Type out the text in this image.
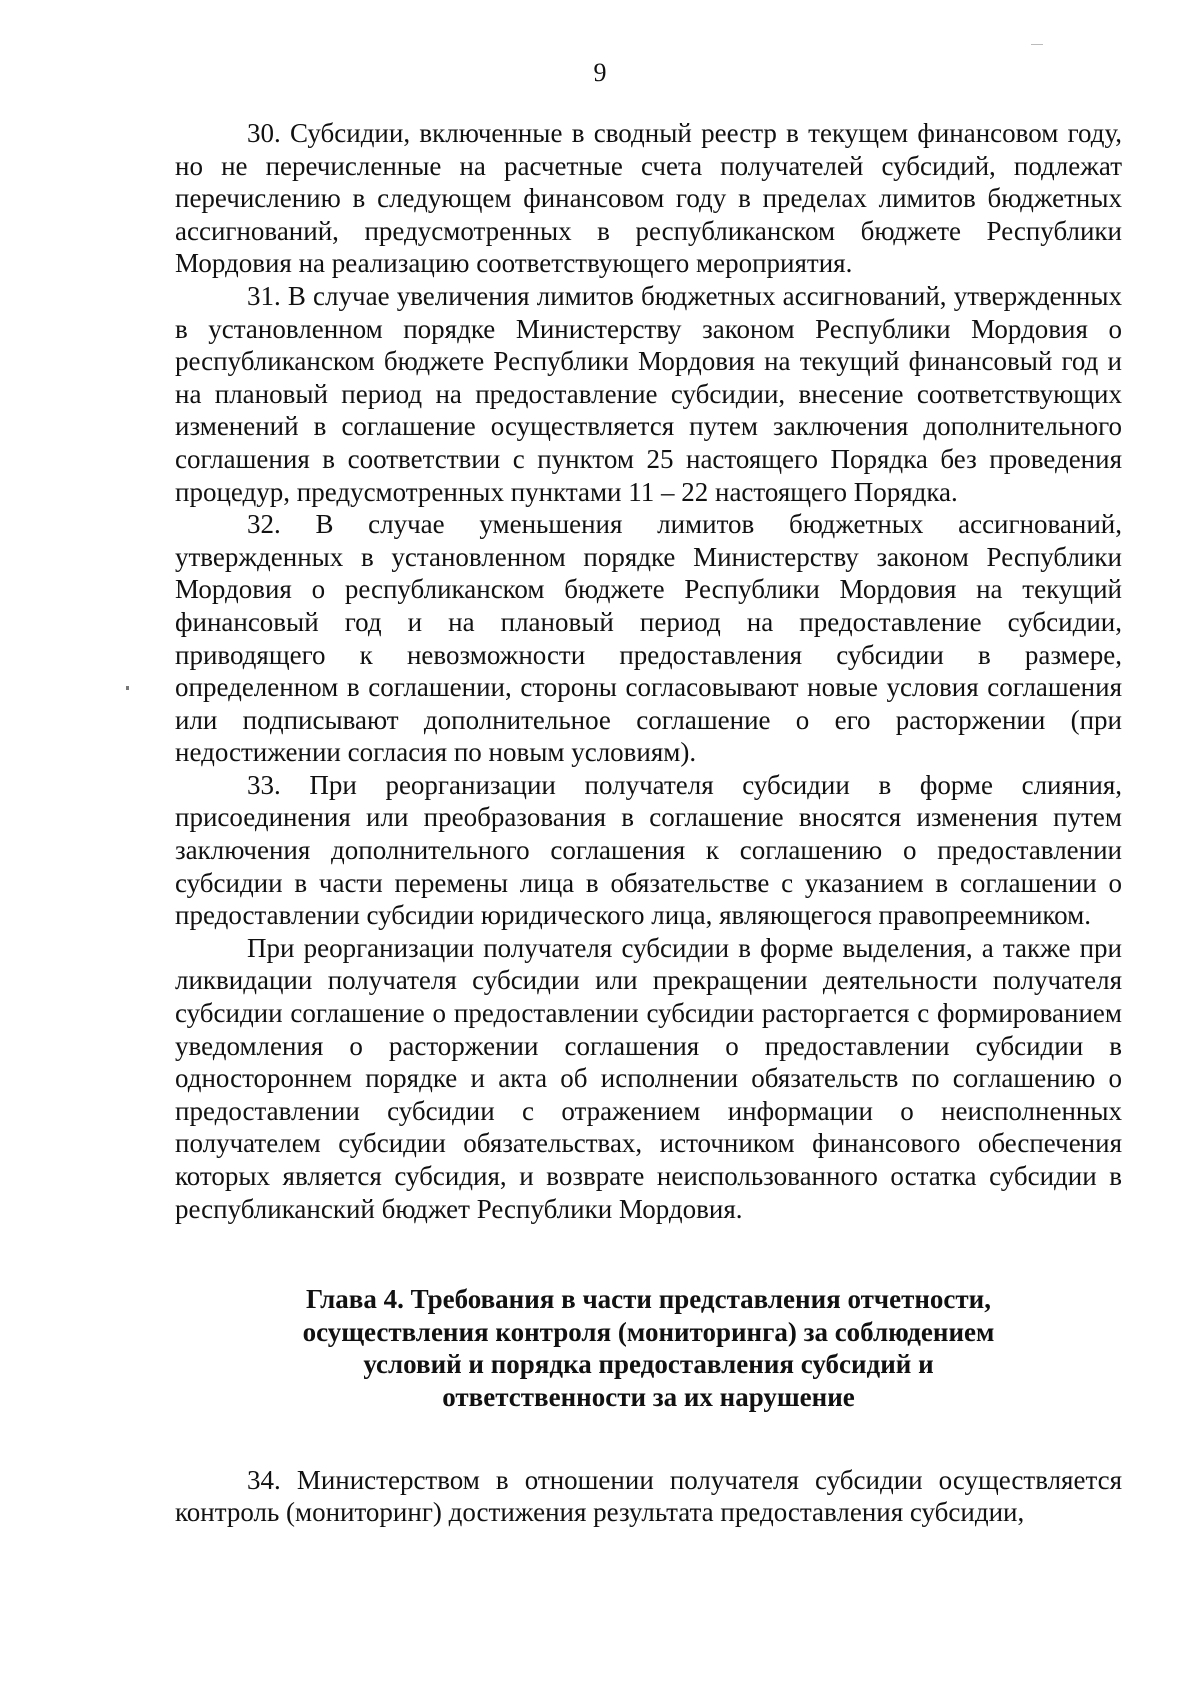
9

30. Субсидии, включенные в сводный реестр в текущем финансовом году, но не перечисленные на расчетные счета получателей субсидий, подлежат перечислению в следующем финансовом году в пределах лимитов бюджетных ассигнований, предусмотренных в республиканском бюджете Республики Мордовия на реализацию соответствующего мероприятия.

31. В случае увеличения лимитов бюджетных ассигнований, утвержденных в установленном порядке Министерству законом Республики Мордовия о республиканском бюджете Республики Мордовия на текущий финансовый год и на плановый период на предоставление субсидии, внесение соответствующих изменений в соглашение осуществляется путем заключения дополнительного соглашения в соответствии с пунктом 25 настоящего Порядка без проведения процедур, предусмотренных пунктами 11 – 22 настоящего Порядка.

32. В случае уменьшения лимитов бюджетных ассигнований, утвержденных в установленном порядке Министерству законом Республики Мордовия о республиканском бюджете Республики Мордовия на текущий финансовый год и на плановый период на предоставление субсидии, приводящего к невозможности предоставления субсидии в размере, определенном в соглашении, стороны согласовывают новые условия соглашения или подписывают дополнительное соглашение о его расторжении (при недостижении согласия по новым условиям).

33. При реорганизации получателя субсидии в форме слияния, присоединения или преобразования в соглашение вносятся изменения путем заключения дополнительного соглашения к соглашению о предоставлении субсидии в части перемены лица в обязательстве с указанием в соглашении о предоставлении субсидии юридического лица, являющегося правопреемником.

При реорганизации получателя субсидии в форме выделения, а также при ликвидации получателя субсидии или прекращении деятельности получателя субсидии соглашение о предоставлении субсидии расторгается с формированием уведомления о расторжении соглашения о предоставлении субсидии в одностороннем порядке и акта об исполнении обязательств по соглашению о предоставлении субсидии с отражением информации о неисполненных получателем субсидии обязательствах, источником финансового обеспечения которых является субсидия, и возврате неиспользованного остатка субсидии в республиканский бюджет Республики Мордовия.

Глава 4. Требования в части представления отчетности,
осуществления контроля (мониторинга) за соблюдением
условий и порядка предоставления субсидий и
ответственности за их нарушение

34. Министерством в отношении получателя субсидии осуществляется контроль (мониторинг) достижения результата предоставления субсидии,
